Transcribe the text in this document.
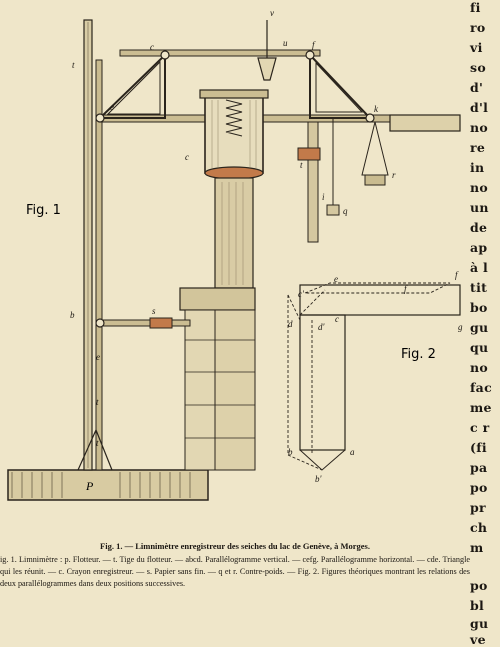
P
v
u
c
e
f
k
t
b	s
e
t
t
c
t
i
r
q
Fig. 1
e	f
f
c'
d	c
g
d'
b	a
b'
Fig. 2
fi
ro
vi
so
d'
d'l
no
re
in
no
un
de
ap
à l
tit
bo
gu
qu
no
fac
me
c r
(fi
pa
po
pr
ch
m
po
bl
gu
ve
Fig. 1. — Limnimètre enregistreur des seiches du lac de Genève, à Morges.
ig. 1. Limnimètre : p. Flotteur. — t. Tige du flotteur. — abcd. Parallélogramme vertical. — cefg. Parallélogramme horizontal. — cde. Triangle qui les réunit. — c. Crayon enregistreur. — s. Papier sans fin. — q et r. Contre-poids. — Fig. 2. Figures théoriques montrant les relations des deux parallélogrammes dans deux positions successives.
